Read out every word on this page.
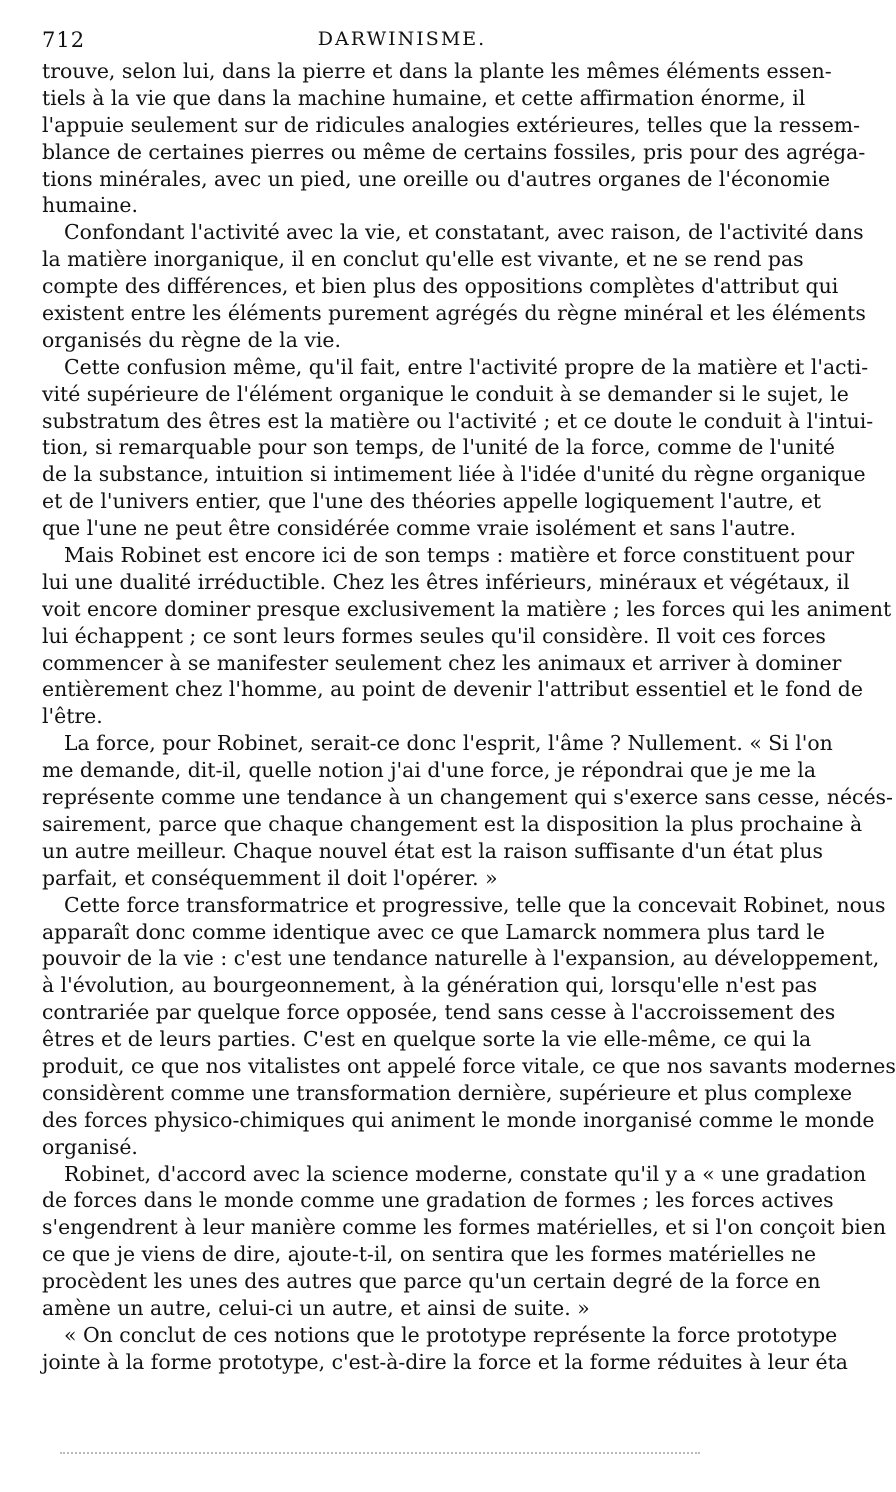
712	DARWINISME.
trouve, selon lui, dans la pierre et dans la plante les mêmes éléments essen-
tiels à la vie que dans la machine humaine, et cette affirmation énorme, il
l'appuie seulement sur de ridicules analogies extérieures, telles que la ressem-
blance de certaines pierres ou même de certains fossiles, pris pour des agréga-
tions minérales, avec un pied, une oreille ou d'autres organes de l'économie
humaine.
Confondant l'activité avec la vie, et constatant, avec raison, de l'activité dans
la matière inorganique, il en conclut qu'elle est vivante, et ne se rend pas
compte des différences, et bien plus des oppositions complètes d'attribut qui
existent entre les éléments purement agrégés du règne minéral et les éléments
organisés du règne de la vie.
Cette confusion même, qu'il fait, entre l'activité propre de la matière et l'acti-
vité supérieure de l'élément organique le conduit à se demander si le sujet, le
substratum des êtres est la matière ou l'activité ; et ce doute le conduit à l'intui-
tion, si remarquable pour son temps, de l'unité de la force, comme de l'unité
de la substance, intuition si intimement liée à l'idée d'unité du règne organique
et de l'univers entier, que l'une des théories appelle logiquement l'autre, et
que l'une ne peut être considérée comme vraie isolément et sans l'autre.
Mais Robinet est encore ici de son temps : matière et force constituent pour
lui une dualité irréductible. Chez les êtres inférieurs, minéraux et végétaux, il
voit encore dominer presque exclusivement la matière ; les forces qui les animent
lui échappent ; ce sont leurs formes seules qu'il considère. Il voit ces forces
commencer à se manifester seulement chez les animaux et arriver à dominer
entièrement chez l'homme, au point de devenir l'attribut essentiel et le fond de
l'être.
La force, pour Robinet, serait-ce donc l'esprit, l'âme ? Nullement. « Si l'on
me demande, dit-il, quelle notion j'ai d'une force, je répondrai que je me la
représente comme une tendance à un changement qui s'exerce sans cesse, nécés-
sairement, parce que chaque changement est la disposition la plus prochaine à
un autre meilleur. Chaque nouvel état est la raison suffisante d'un état plus
parfait, et conséquemment il doit l'opérer. »
Cette force transformatrice et progressive, telle que la concevait Robinet, nous
apparaît donc comme identique avec ce que Lamarck nommera plus tard le
pouvoir de la vie : c'est une tendance naturelle à l'expansion, au développement,
à l'évolution, au bourgeonnement, à la génération qui, lorsqu'elle n'est pas
contrariée par quelque force opposée, tend sans cesse à l'accroissement des
êtres et de leurs parties. C'est en quelque sorte la vie elle-même, ce qui la
produit, ce que nos vitalistes ont appelé force vitale, ce que nos savants modernes
considèrent comme une transformation dernière, supérieure et plus complexe
des forces physico-chimiques qui animent le monde inorganisé comme le monde
organisé.
Robinet, d'accord avec la science moderne, constate qu'il y a « une gradation
de forces dans le monde comme une gradation de formes ; les forces actives
s'engendrent à leur manière comme les formes matérielles, et si l'on conçoit bien
ce que je viens de dire, ajoute-t-il, on sentira que les formes matérielles ne
procèdent les unes des autres que parce qu'un certain degré de la force en
amène un autre, celui-ci un autre, et ainsi de suite. »
« On conclut de ces notions que le prototype représente la force prototype
jointe à la forme prototype, c'est-à-dire la force et la forme réduites à leur éta
